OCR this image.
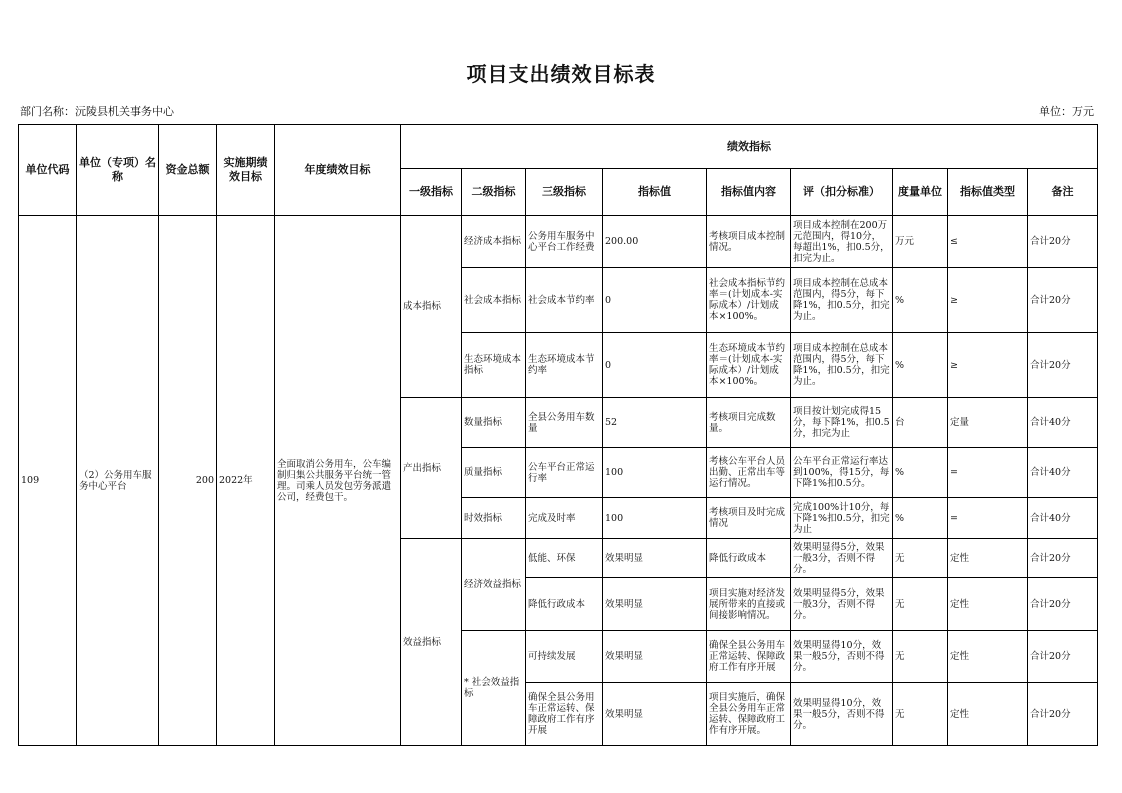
项目支出绩效目标表
部门名称：沅陵县机关事务中心	单位：万元
单位代码	单位（专项）名称	资金总额	实施期绩效目标	年度绩效目标	绩效指标								
					一级指标	二级指标	三级指标	指标值	指标值内容	评（扣分标准）	度量单位	指标值类型	备注
109	（2）公务用车服务中心平台	200	2022年	全面取消公务用车，公车编制归集公共服务平台统一管理。司乘人员发包劳务派遣公司，经费包干。	成本指标	经济成本指标	公务用车服务中心平台工作经费	200.00	考核项目成本控制情况。	项目成本控制在200万元范围内，得10分，每超出1%，扣0.5分，扣完为止。	万元	≤	合计20分
						社会成本指标	社会成本节约率	0	社会成本指标节约率＝(计划成本-实际成本）/计划成本×100%。	项目成本控制在总成本范围内，得5分，每下降1%，扣0.5分，扣完为止。	%	≥	合计20分
						生态环境成本指标	生态环境成本节约率	0	生态环境成本节约率＝(计划成本-实际成本）/计划成本×100%。	项目成本控制在总成本范围内，得5分，每下降1%，扣0.5分，扣完为止。	%	≥	合计20分
					产出指标	数量指标	全县公务用车数量	52	考核项目完成数量。	项目按计划完成得15分，每下降1%，扣0.5分，扣完为止	台	定量	合计40分
						质量指标	公车平台正常运行率	100	考核公车平台人员出勤、正常出车等运行情况。	公车平台正常运行率达到100%，得15分，每下降1%扣0.5分。	%	=	合计40分
						时效指标	完成及时率	100	考核项目及时完成情况	完成100%计10分，每下降1%扣0.5分，扣完为止	%	=	合计40分
					效益指标	经济效益指标	低能、环保	效果明显	降低行政成本	效果明显得5分，效果一般3分，否则不得分。	无	定性	合计20分
							降低行政成本	效果明显	项目实施对经济发展所带来的直接或间接影响情况。	效果明显得5分，效果一般3分，否则不得分。	无	定性	合计20分
						* 社会效益指标	可持续发展	效果明显	确保全县公务用车正常运转、保障政府工作有序开展	效果明显得10分，效果一般5分，否则不得分。	无	定性	合计20分
							确保全县公务用车正常运转、保障政府工作有序开展	效果明显	项目实施后，确保全县公务用车正常运转、保障政府工作有序开展。	效果明显得10分，效果一般5分，否则不得分。	无	定性	合计20分
